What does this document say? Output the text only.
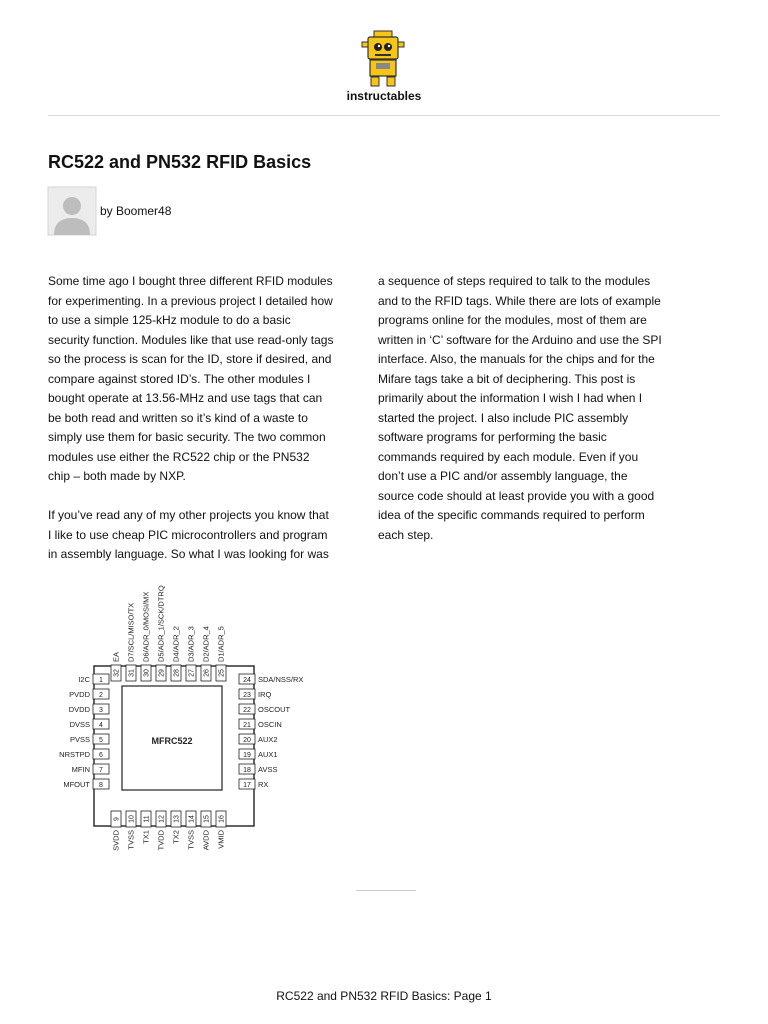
instructables
RC522 and PN532 RFID Basics
by Boomer48

Some time ago I bought three different RFID modules
for experimenting. In a previous project I detailed how
to use a simple 125-kHz module to do a basic
security function. Modules like that use read-only tags
so the process is scan for the ID, store if desired, and
compare against stored ID’s. The other modules I
bought operate at 13.56-MHz and use tags that can
be both read and written so it’s kind of a waste to
simply use them for basic security. The two common
modules use either the RC522 chip or the PN532
chip – both made by NXP.

If you’ve read any of my other projects you know that
I like to use cheap PIC microcontrollers and program
in assembly language. So what I was looking for was

a sequence of steps required to talk to the modules
and to the RFID tags. While there are lots of example
programs online for the modules, most of them are
written in ‘C’ software for the Arduino and use the SPI
interface. Also, the manuals for the chips and for the
Mifare tags take a bit of deciphering. This post is
primarily about the information I wish I had when I
started the project. I also include PIC assembly
software programs for performing the basic
commands required by each module. Even if you
don’t use a PIC and/or assembly language, the
source code should at least provide you with a good
idea of the specific commands required to perform
each step.

MFRC522
1
I2C
2
PVDD
3
DVDD
4
DVSS
5
PVSS
6
NRSTPD
7
MFIN
8
MFOUT
24 SDA/NSS/RX
23 IRQ
22 OSCOUT
21 OSCIN
20 AUX2
19 AUX1
18 AVSS
17 RX
9
SVDD
10
TVSS
11
TX1
12
TVDD
13
TX2
14
TVSS
15
AVDD
16
VMID
32
EA
31
D7/SCL/MISO/TX
30
D6/ADR_0/MOSI/MX
29
D5/ADR_1/SCK/DTRQ
28
D4/ADR_2
27
D3/ADR_3
26
D2/ADR_4
25
D1/ADR_5
RC522 and PN532 RFID Basics: Page 1
